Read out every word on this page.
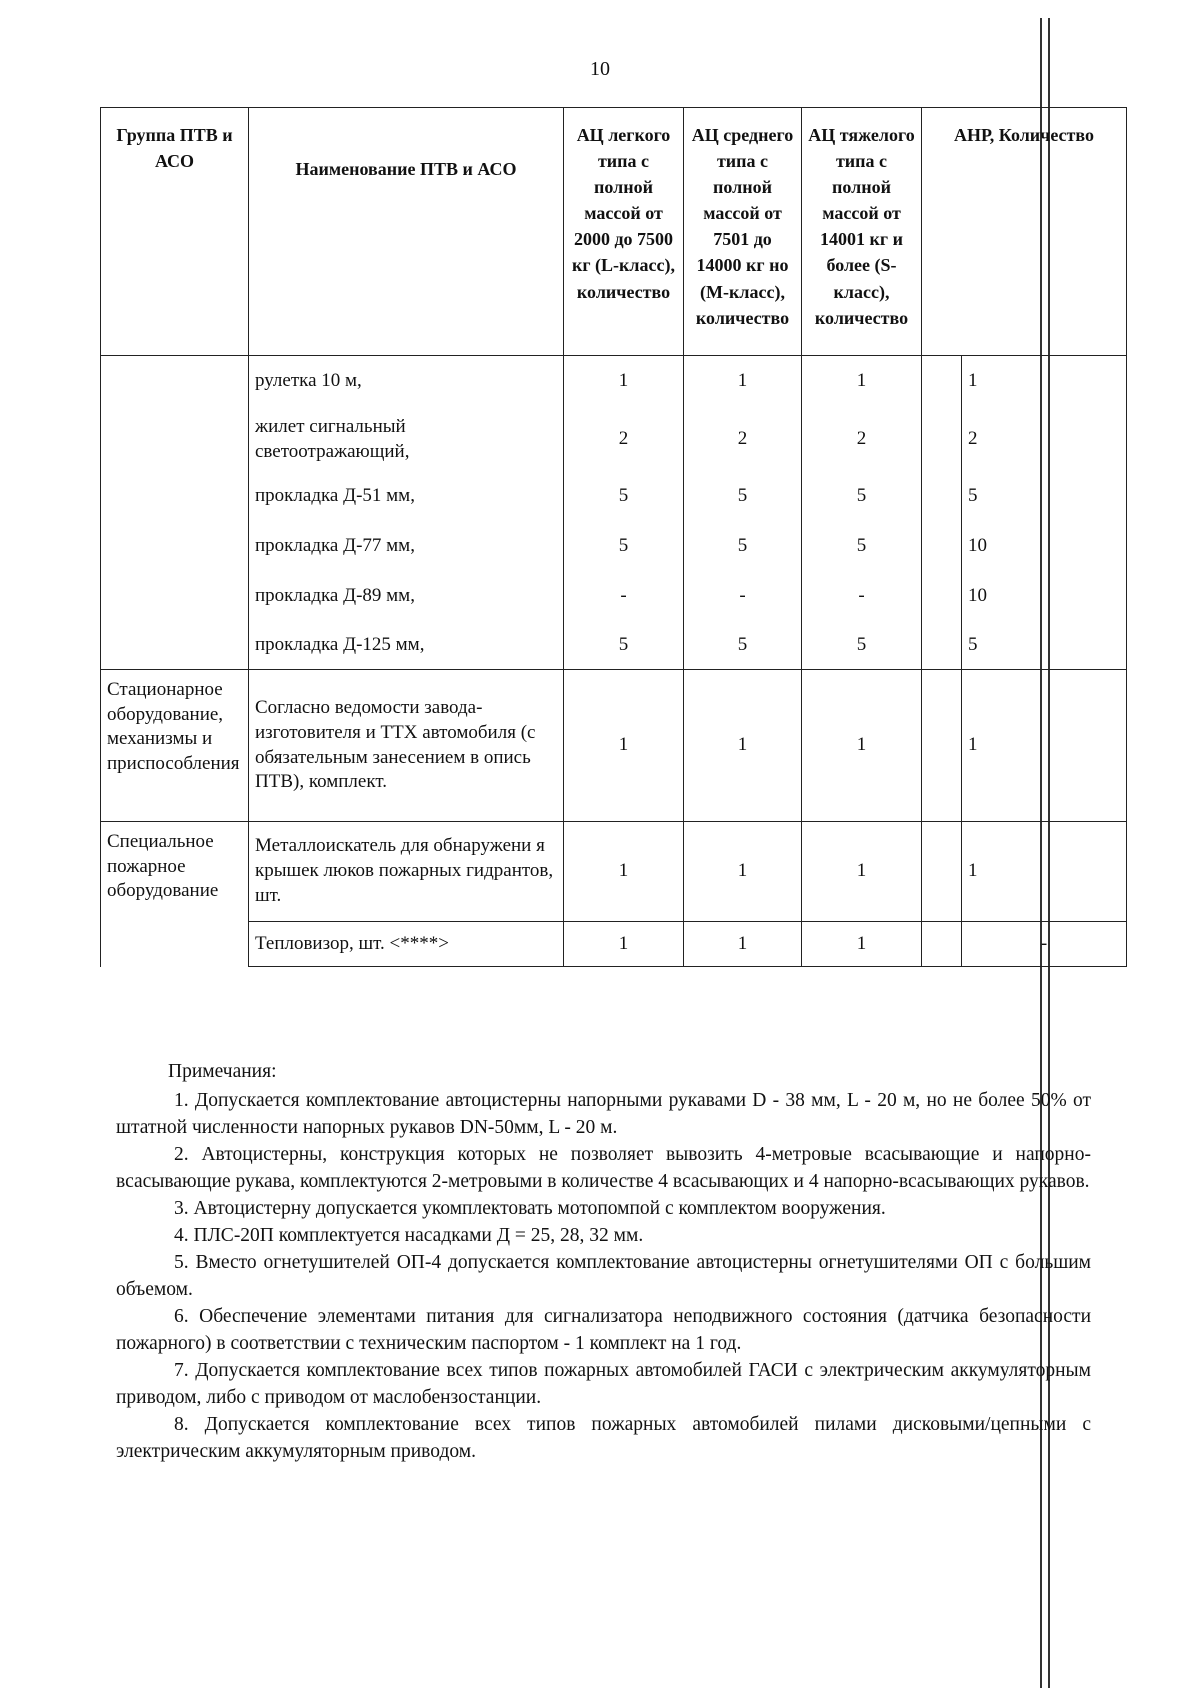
10
Группа ПТВ и АСО	Наименование ПТВ и АСО	АЦ легкого типа с полной массой от 2000 до 7500 кг (L-класс), количество	АЦ среднего типа с полной массой от 7501 до 14000 кг но (М-класс), количество	АЦ тяжелого типа с полной массой от 14001 кг и более (S-класс), количество	АНР, Количество	
	рулетка 10 м,	1	1	1		1
	жилет сигнальный светоотражающий,	2	2	2		2
	прокладка Д-51 мм,	5	5	5		5
	прокладка Д-77 мм,	5	5	5		10
	прокладка Д-89 мм,	-	-	-		10
	прокладка Д-125 мм,	5	5	5		5
Стационарное оборудование, механизмы и приспособления	Согласно ведомости завода-изготовителя и ТТХ автомобиля (с обязательным занесением в опись ПТВ), комплект.	1	1	1		1
Специальное пожарное оборудование	Металлоискатель для обнаружени я крышек люков пожарных гидрантов, шт.	1	1	1		1
	Тепловизор, шт. <****>	1	1	1		-

Примечания:

1. Допускается комплектование автоцистерны напорными рукавами D - 38 мм, L - 20 м, но не более 50% от штатной численности напорных рукавов DN-50мм, L - 20 м.

2. Автоцистерны, конструкция которых не позволяет вывозить 4-метровые всасывающие и напорно-всасывающие рукава, комплектуются 2-метровыми в количестве 4 всасывающих и 4 напорно-всасывающих рукавов.

3. Автоцистерну допускается укомплектовать мотопомпой с комплектом вооружения.

4. ПЛС-20П комплектуется насадками Д = 25, 28, 32 мм.

5. Вместо огнетушителей ОП-4 допускается комплектование автоцистерны огнетушителями ОП с большим объемом.

6. Обеспечение элементами питания для сигнализатора неподвижного состояния (датчика безопасности пожарного) в соответствии с техническим паспортом - 1 комплект на 1 год.

7. Допускается комплектование всех типов пожарных автомобилей ГАСИ с электрическим аккумуляторным приводом, либо с приводом от маслобензостанции.

8. Допускается комплектование всех типов пожарных автомобилей пилами дисковыми/цепными с электрическим аккумуляторным приводом.
